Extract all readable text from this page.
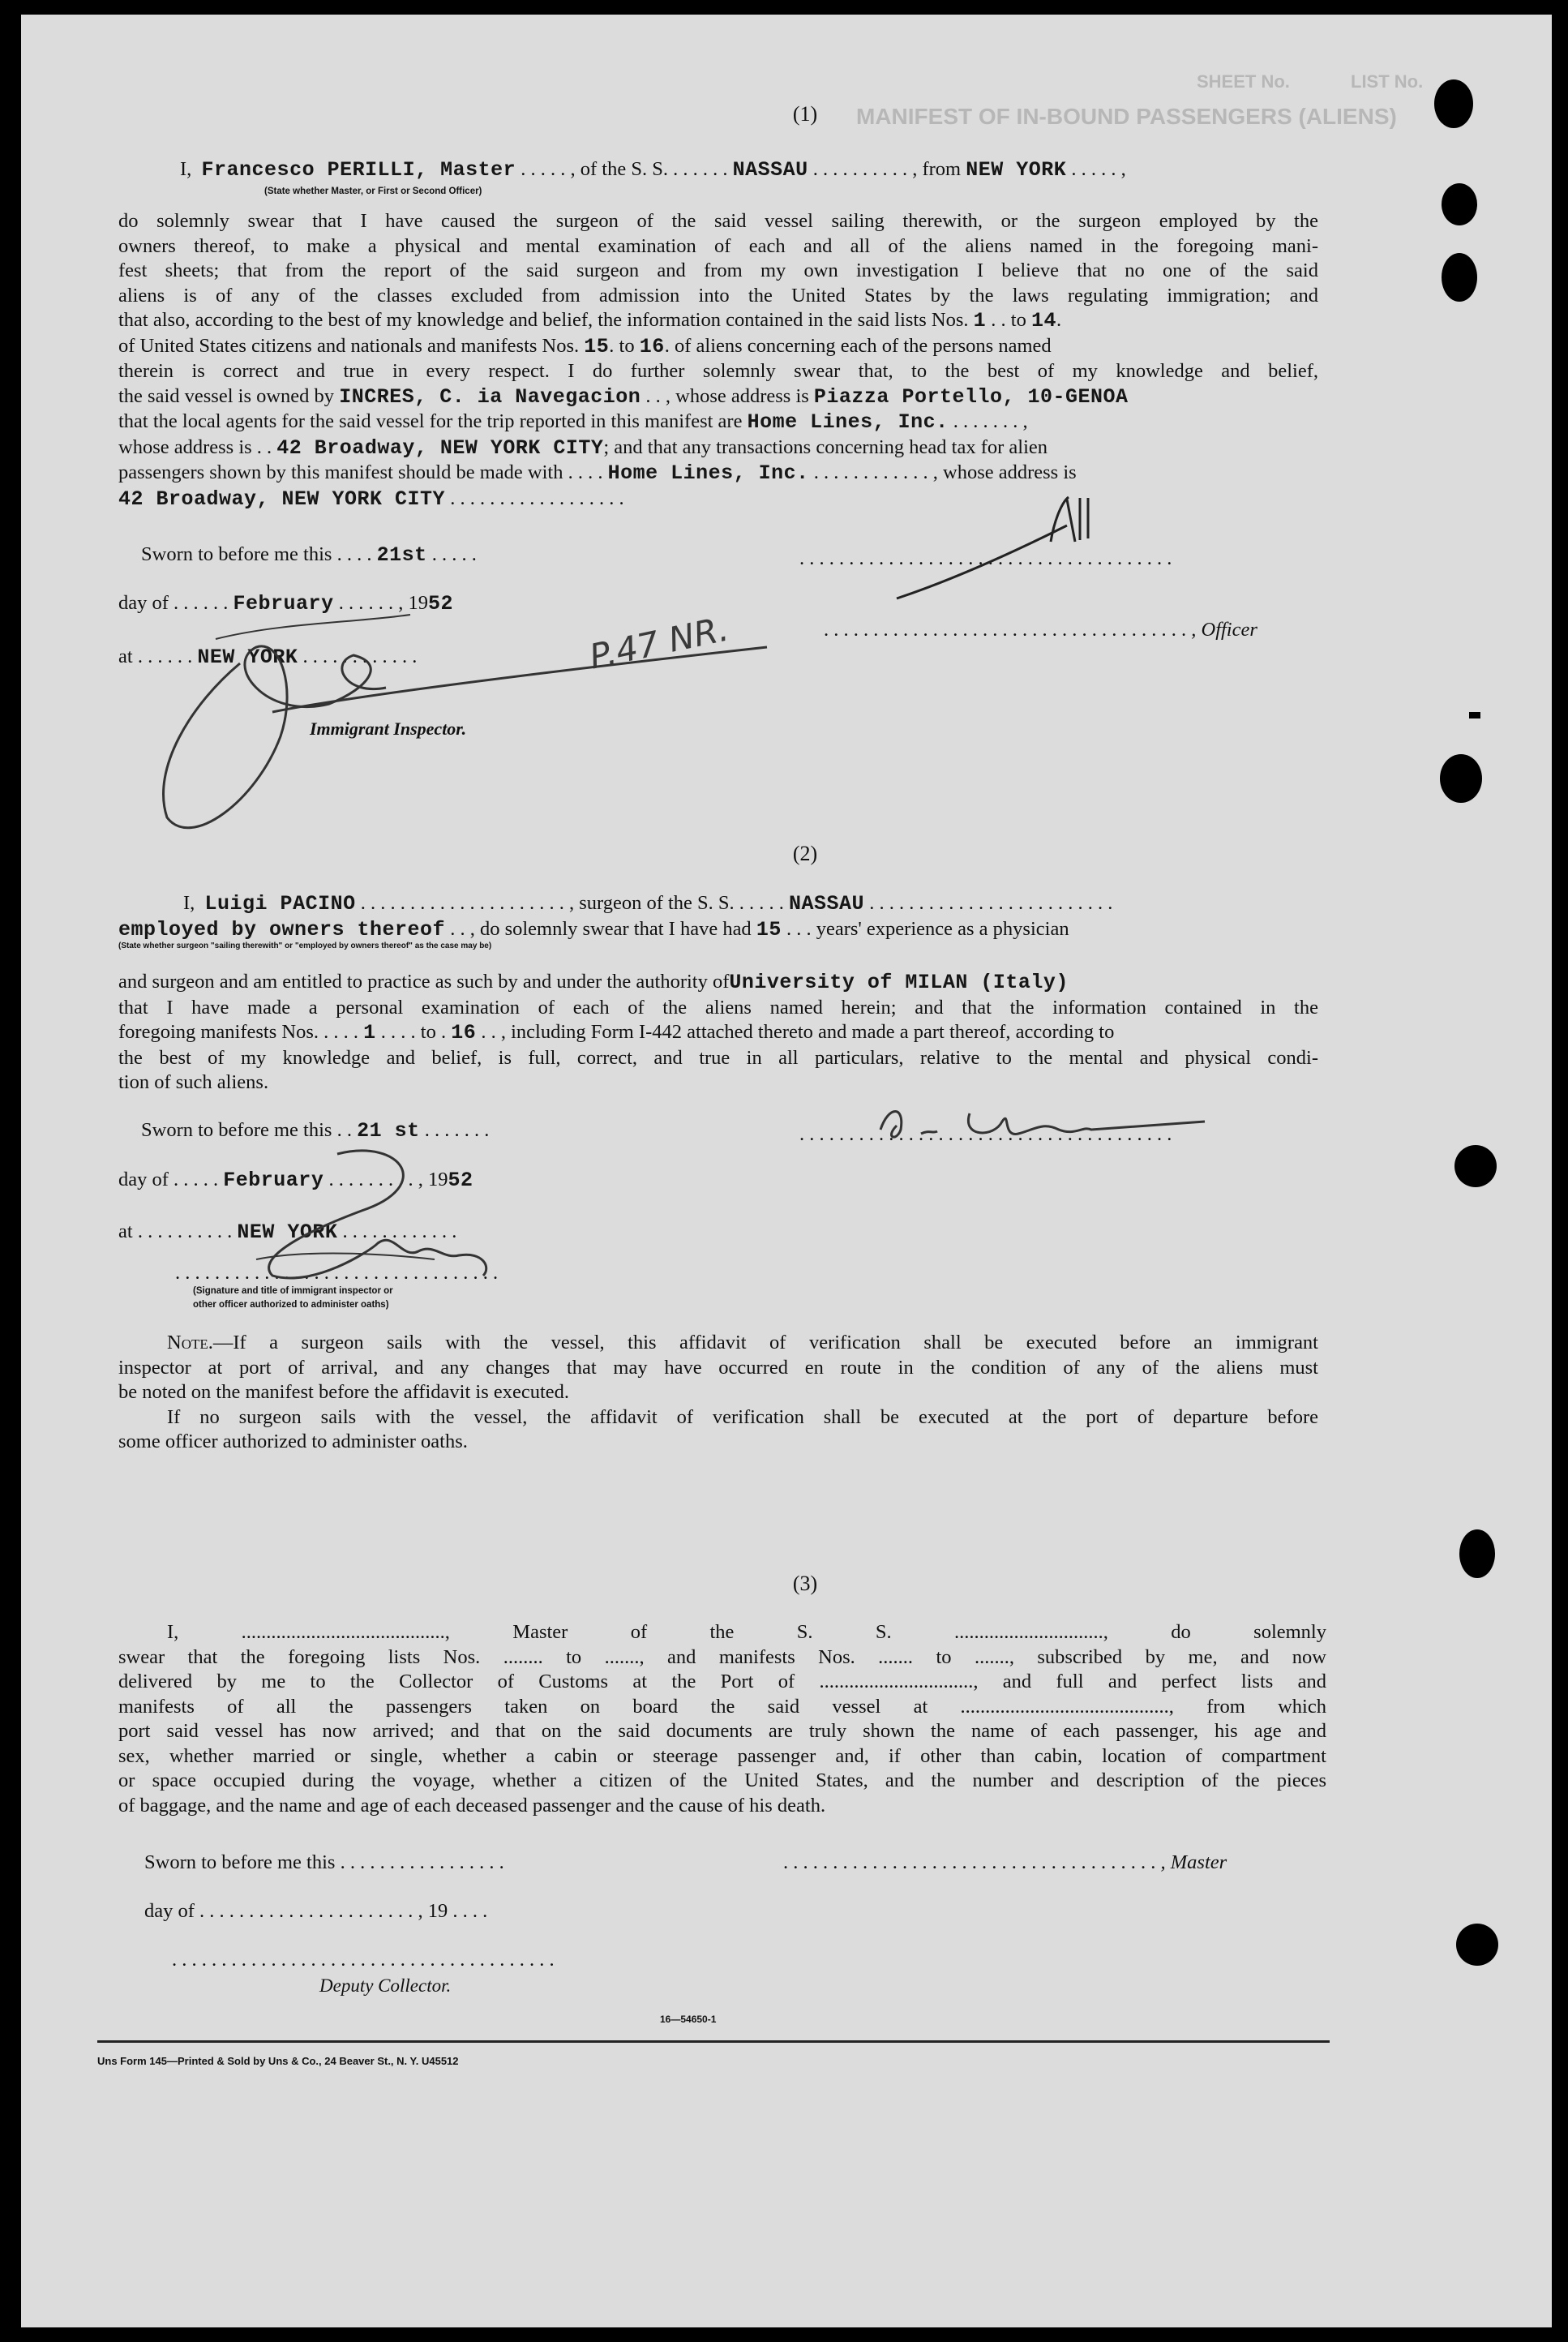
MANIFEST OF IN-BOUND PASSENGERS (ALIENS)
SHEET No.	LIST No.
(1)
I, Francesco PERILLI, Master . . . . . , of the S. S. . . . . . . NASSAU . . . . . . . . . . , from NEW YORK . . . . . ,
(State whether Master, or First or Second Officer)
do solemnly swear that I have caused the surgeon of the said vessel sailing therewith, or the surgeon employed by the
owners thereof, to make a physical and mental examination of each and all of the aliens named in the foregoing mani-
fest sheets; that from the report of the said surgeon and from my own investigation I believe that no one of the said
aliens is of any of the classes excluded from admission into the United States by the laws regulating immigration; and
that also, according to the best of my knowledge and belief, the information contained in the said lists Nos. 1 . . to 14.
of United States citizens and nationals and manifests Nos. 15. to 16. of aliens concerning each of the persons named
therein is correct and true in every respect. I do further solemnly swear that, to the best of my knowledge and belief,
the said vessel is owned by INCRES, C. ia Navegacion . . , whose address is Piazza Portello, 10-GENOA
that the local agents for the said vessel for the trip reported in this manifest are Home Lines, Inc. . . . . . . . ,
whose address is . . 42 Broadway, NEW YORK CITY; and that any transactions concerning head tax for alien
passengers shown by this manifest should be made with . . . . Home Lines, Inc. . . . . . . . . . . . . , whose address is
42 Broadway, NEW YORK CITY . . . . . . . . . . . . . . . . . .
Sworn to before me this . . . . 21st . . . . .	. . . . . . . . . . . . . . . . . . . . . . . . . . . . . . . . . . . . . .
day of . . . . . . February . . . . . . , 1952
. . . . . . . . . . . . . . . . . . . . . . . . . . . . . . . . . . . . . , Officer
at . . . . . . NEW YORK . . . . . . . . . . . .
Immigrant Inspector.
P.47 NR.
(2)
I, Luigi PACINO . . . . . . . . . . . . . . . . . . . . . , surgeon of the S. S. . . . . . NASSAU . . . . . . . . . . . . . . . . . . . . . . . . .
employed by owners thereof . . , do solemnly swear that I have had 15 . . . years' experience as a physician
(State whether surgeon "sailing therewith" or "employed by owners thereof" as the case may be)
and surgeon and am entitled to practice as such by and under the authority ofUniversity of MILAN (Italy)
that I have made a personal examination of each of the aliens named herein; and that the information contained in the
foregoing manifests Nos. . . . . 1 . . . . to . 16 . . , including Form I-442 attached thereto and made a part thereof, according to
the best of my knowledge and belief, is full, correct, and true in all particulars, relative to the mental and physical condi-
tion of such aliens.
Sworn to before me this . . 21 st . . . . . . .	. . . . . . . . . . . . . . . . . . . . . . . . . . . . . . . . . . . . . .
day of . . . . . February . . . . . . . . . , 1952
at . . . . . . . . . . NEW YORK . . . . . . . . . . . .
. . . . . . . . . . . . . . . . . . . . . . . . . . . . . . . . .
(Signature and title of immigrant inspector or
other officer authorized to administer oaths)
Note.—If a surgeon sails with the vessel, this affidavit of verification shall be executed before an immigrant
inspector at port of arrival, and any changes that may have occurred en route in the condition of any of the aliens must
be noted on the manifest before the affidavit is executed.
If no surgeon sails with the vessel, the affidavit of verification shall be executed at the port of departure before
some officer authorized to administer oaths.
(3)
I, ........................................., Master of the S. S. .............................., do solemnly
swear that the foregoing lists Nos. ........ to ......., and manifests Nos. ....... to ......., subscribed by me, and now
delivered by me to the Collector of Customs at the Port of ..............................., and full and perfect lists and
manifests of all the passengers taken on board the said vessel at .........................................., from which
port said vessel has now arrived; and that on the said documents are truly shown the name of each passenger, his age and
sex, whether married or single, whether a cabin or steerage passenger and, if other than cabin, location of compartment
or space occupied during the voyage, whether a citizen of the United States, and the number and description of the pieces
of baggage, and the name and age of each deceased passenger and the cause of his death.
Sworn to before me this . . . . . . . . . . . . . . . . .	. . . . . . . . . . . . . . . . . . . . . . . . . . . . . . . . . . . . . . , Master
day of . . . . . . . . . . . . . . . . . . . . . . , 19 . . . .
. . . . . . . . . . . . . . . . . . . . . . . . . . . . . . . . . . . . . . .
Deputy Collector.
16—54650-1
Uns Form 145—Printed & Sold by Uns & Co., 24 Beaver St., N. Y. U45512
